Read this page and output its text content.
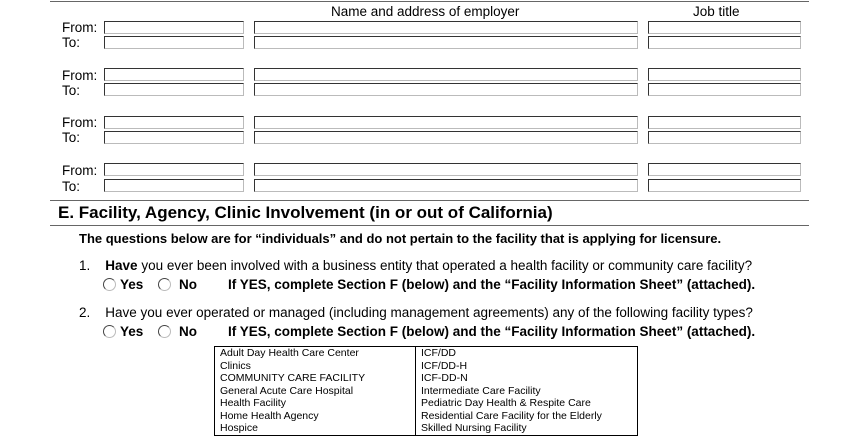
Name and address of employer	Job title
From:
To:
From:
To:
From:
To:
From:
To:
E. Facility, Agency, Clinic Involvement (in or out of California)
The questions below are for “individuals” and do not pertain to the facility that is applying for licensure.
1. Have you ever been involved with a business entity that operated a health facility or community care facility?
Yes	No If YES, complete Section F (below) and the “Facility Information Sheet” (attached).
2. Have you ever operated or managed (including management agreements) any of the following facility types?
Yes	No If YES, complete Section F (below) and the “Facility Information Sheet” (attached).
Adult Day Health Care Center
Clinics
COMMUNITY CARE FACILITY
General Acute Care Hospital
Health Facility
Home Health Agency
Hospice	ICF/DD
ICF/DD-H
ICF-DD-N
Intermediate Care Facility
Pediatric Day Health & Respite Care
Residential Care Facility for the Elderly
Skilled Nursing Facility
